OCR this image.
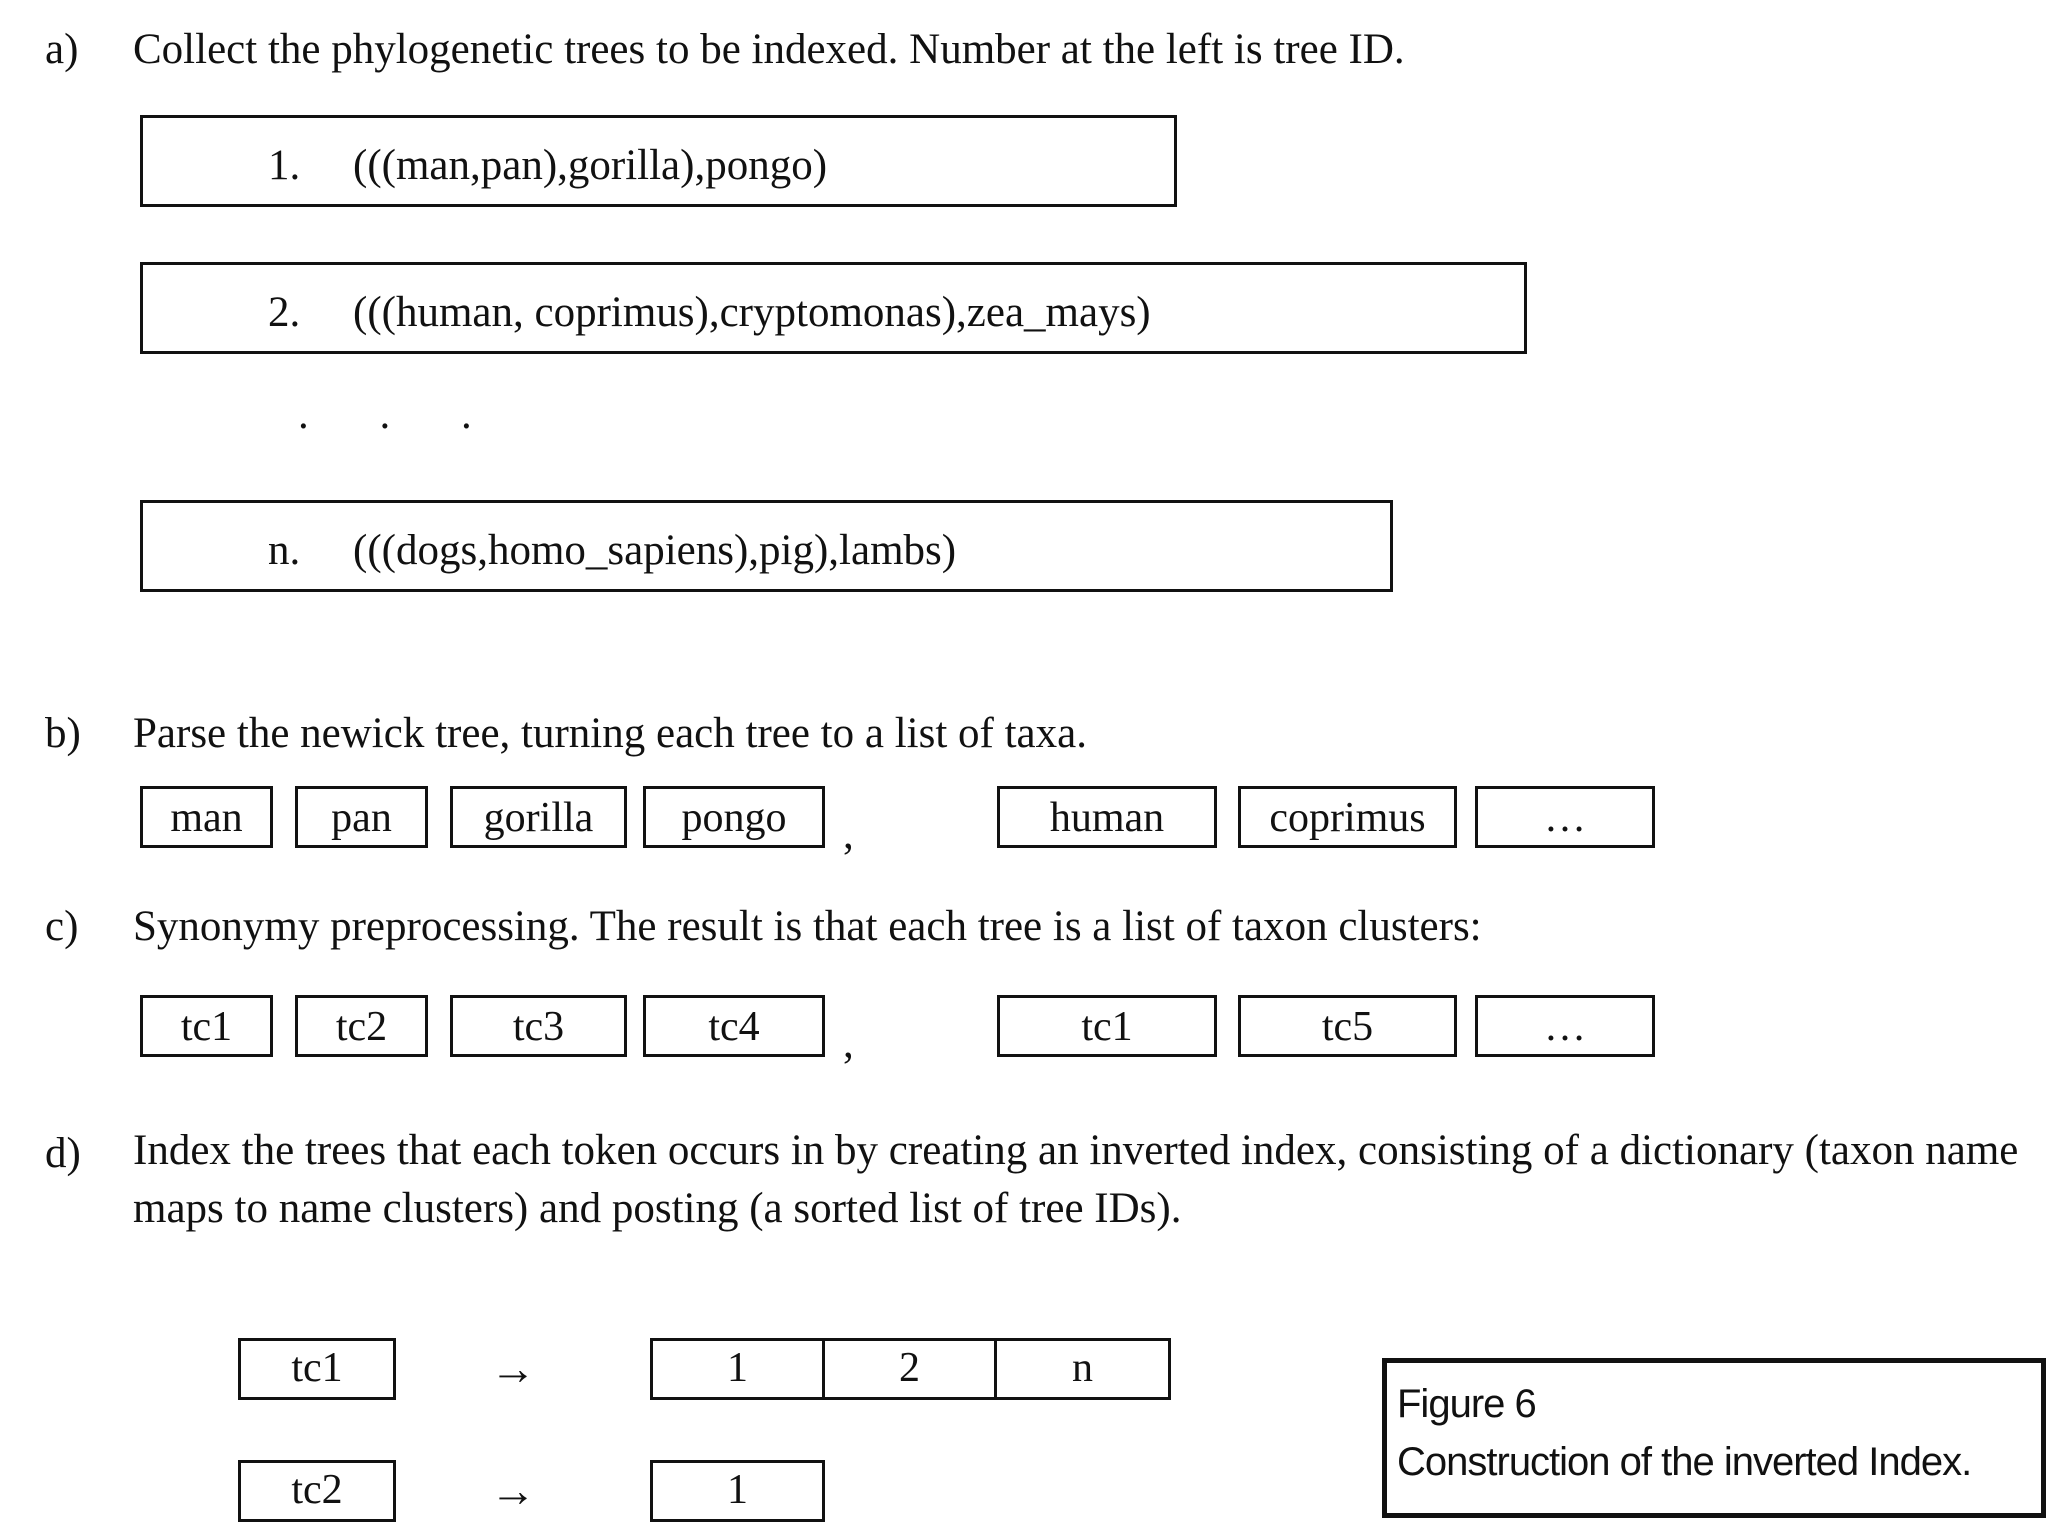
a) Collect the phylogenetic trees to be indexed. Number at the left is tree ID.
1. (((man,pan),gorilla),pongo)
2. (((human, coprimus),cryptomonas),zea_mays)
. . .
n. (((dogs,homo_sapiens),pig),lambs)
b) Parse the newick tree, turning each tree to a list of taxa.
man	pan	gorilla	pongo	,	human	coprimus	…
c) Synonymy preprocessing. The result is that each tree is a list of taxon clusters:
tc1	tc2	tc3	tc4	,	tc1	tc5	…
d) Index the trees that each token occurs in by creating an inverted index, consisting of a dictionary (taxon name maps to name clusters) and posting (a sorted list of tree IDs).
tc1	→	1	2	n
tc2	→	1
Figure 6
Construction of the inverted Index.
